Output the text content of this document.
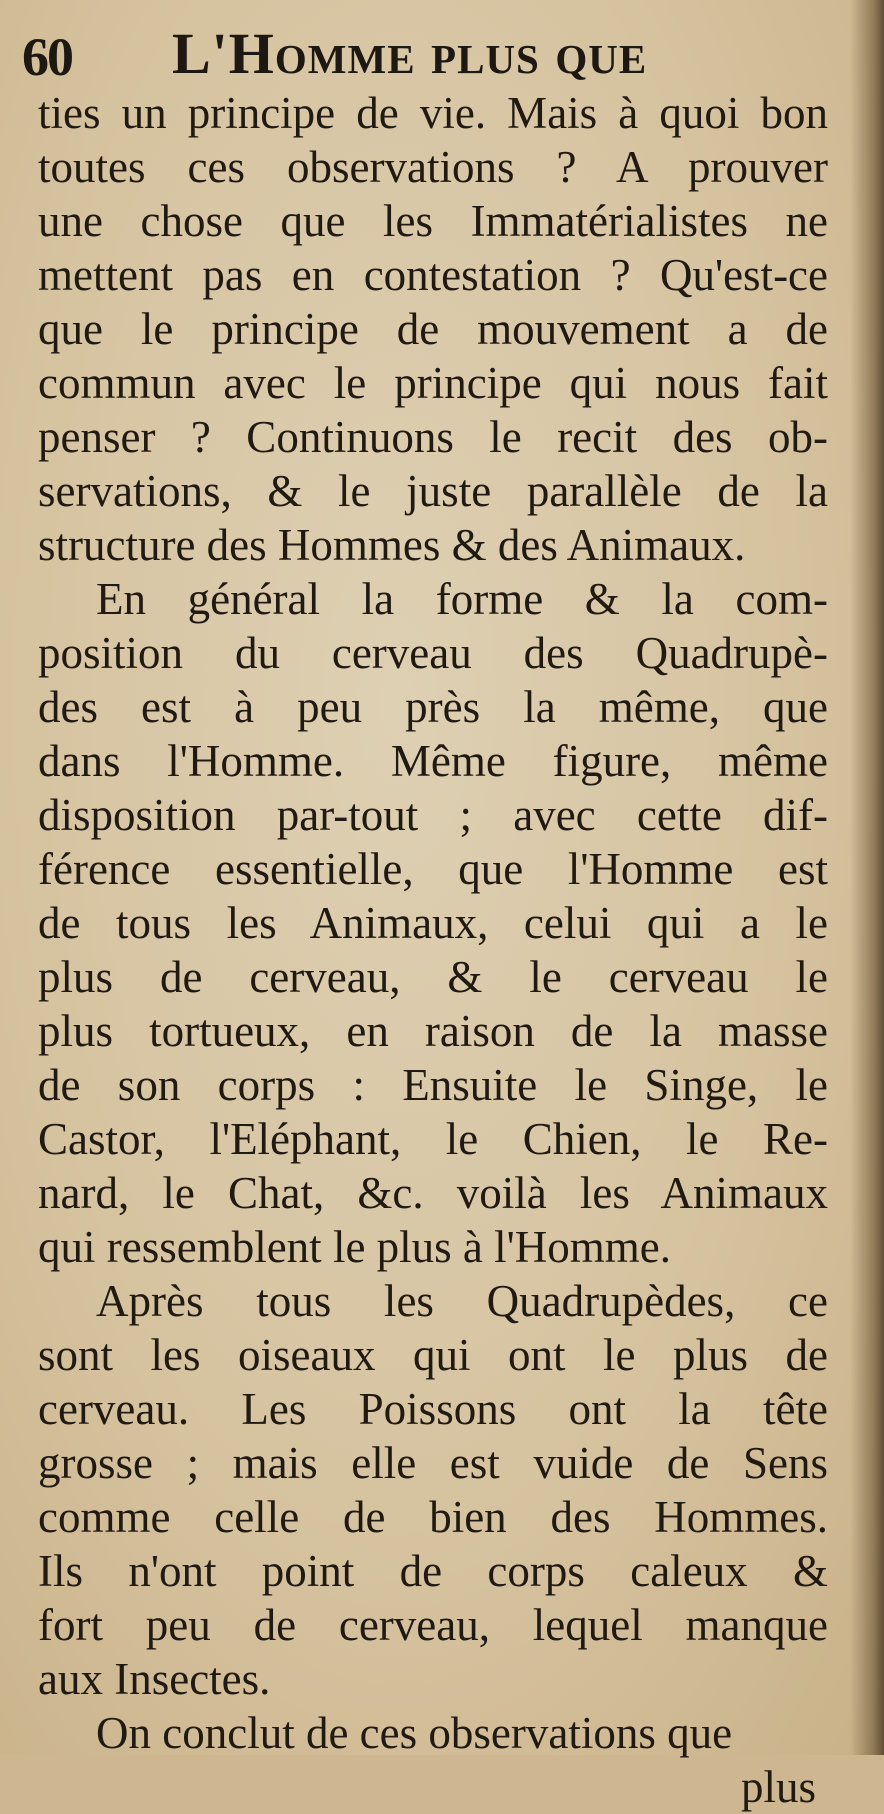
60 L'Homme plus que
ties un principe de vie. Mais à quoi bon
toutes ces observations ? A prouver
une chose que les Immatérialistes ne
mettent pas en contestation ? Qu'est-ce
que le principe de mouvement a de
commun avec le principe qui nous fait
penser ? Continuons le recit des ob-
servations, & le juste parallèle de la
structure des Hommes & des Animaux.
En général la forme & la com-
position du cerveau des Quadrupè-
des est à peu près la même, que
dans l'Homme. Même figure, même
disposition par-tout ; avec cette dif-
férence essentielle, que l'Homme est
de tous les Animaux, celui qui a le
plus de cerveau, & le cerveau le
plus tortueux, en raison de la masse
de son corps : Ensuite le Singe, le
Castor, l'Eléphant, le Chien, le Re-
nard, le Chat, &c. voilà les Animaux
qui ressemblent le plus à l'Homme.
Après tous les Quadrupèdes, ce
sont les oiseaux qui ont le plus de
cerveau. Les Poissons ont la tête
grosse ; mais elle est vuide de Sens
comme celle de bien des Hommes.
Ils n'ont point de corps caleux &
fort peu de cerveau, lequel manque
aux Insectes.
On conclut de ces observations que
plus
